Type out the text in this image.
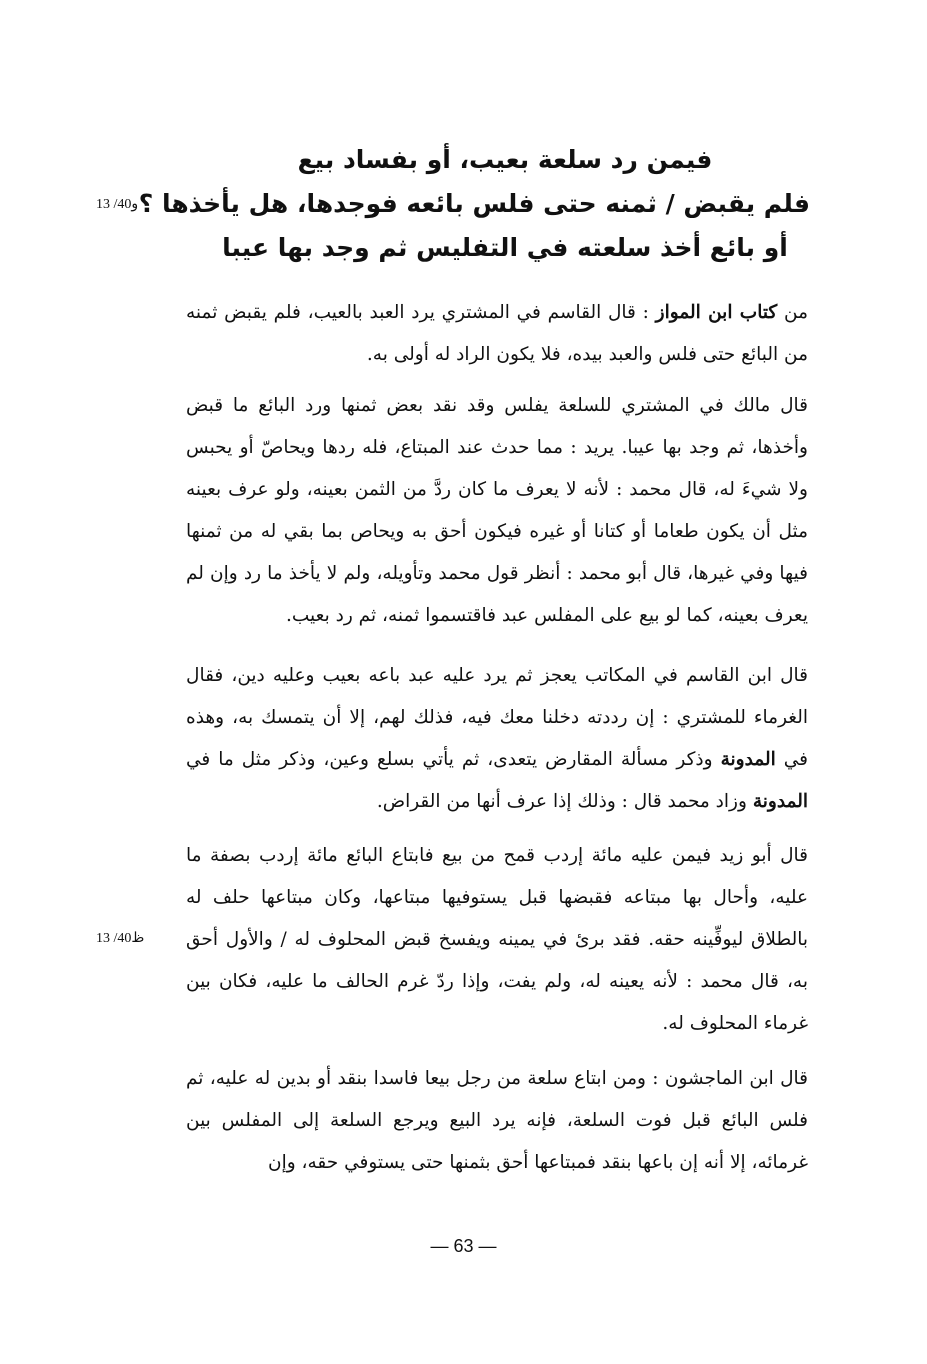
فيمن رد سلعة بعيب، أو بفساد بيع
فلم يقبض / ثمنه حتى فلس بائعه فوجدها، هل يأخذها ؟
أو بائع أخذ سلعته في التفليس ثم وجد بها عيبا
13 /40و
13 /40ظ
من كتاب ابن المواز : قال القاسم في المشتري يرد العبد بالعيب، فلم يقبض ثمنه من البائع حتى فلس والعبد بيده، فلا يكون الراد له أولى به.
قال مالك في المشتري للسلعة يفلس وقد نقد بعض ثمنها ورد البائع ما قبض وأخذها، ثم وجد بها عيبا. يريد : مما حدث عند المبتاع، فله ردها ويحاصّ أو يحبس ولا شيءَ له، قال محمد : لأنه لا يعرف ما كان ردَّ من الثمن بعينه، ولو عرف بعينه مثل أن يكون طعاما أو كتانا أو غيره فيكون أحق به ويحاص بما بقي له من ثمنها فيها وفي غيرها، قال أبو محمد : أنظر قول محمد وتأويله، ولم لا يأخذ ما رد وإن لم يعرف بعينه، كما لو بيع على المفلس عبد فاقتسموا ثمنه، ثم رد بعيب.
قال ابن القاسم في المكاتب يعجز ثم يرد عليه عبد باعه بعيب وعليه دين، فقال الغرماء للمشتري : إن رددته دخلنا معك فيه، فذلك لهم، إلا أن يتمسك به، وهذه في المدونة وذكر مسألة المقارض يتعدى، ثم يأتي بسلع وعين، وذكر مثل ما في المدونة وزاد محمد قال : وذلك إذا عرف أنها من القراض.
قال أبو زيد فيمن عليه مائة إردب قمح من بيع فابتاع البائع مائة إردب بصفة ما عليه، وأحال بها مبتاعه فقبضها قبل يستوفيها مبتاعها، وكان مبتاعها حلف له بالطلاق ليوفِّينه حقه. فقد برئ في يمينه ويفسخ قبض المحلوف له / والأول أحق به، قال محمد : لأنه يعينه له، ولم يفت، وإذا ردّ غرم الحالف ما عليه، فكان بين غرماء المحلوف له.
قال ابن الماجشون : ومن ابتاع سلعة من رجل بيعا فاسدا بنقد أو بدين له عليه، ثم فلس البائع قبل فوت السلعة، فإنه يرد البيع ويرجع السلعة إلى المفلس بين غرمائه، إلا أنه إن باعها بنقد فمبتاعها أحق بثمنها حتى يستوفي حقه، وإن
— 63 —
